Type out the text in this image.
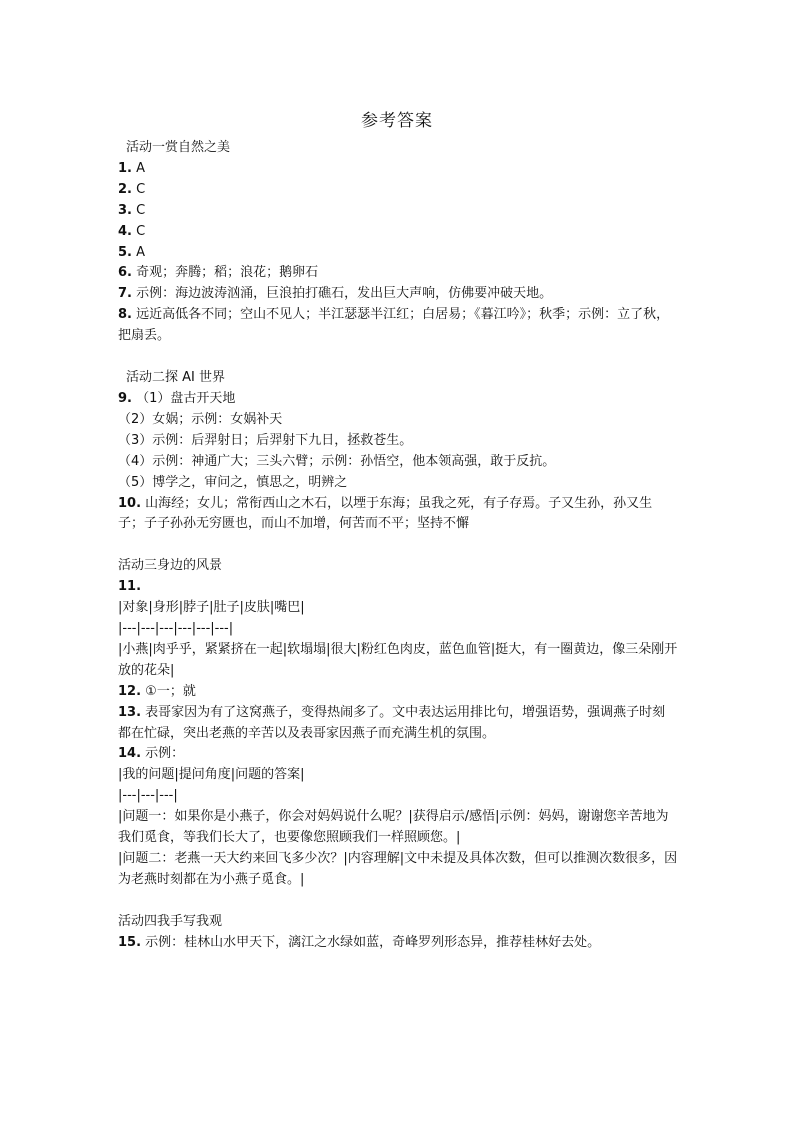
参考答案

活动一赏自然之美

1. A

2. C

3. C

4. C

5. A

6. 奇观；奔腾；稻；浪花；鹅卵石

7. 示例：海边波涛汹涌，巨浪拍打礁石，发出巨大声响，仿佛要冲破天地。

8. 远近高低各不同；空山不见人；半江瑟瑟半江红；白居易；《暮江吟》；秋季；示例：立了秋，把扇丢。

活动二探 AI 世界

9. （1）盘古开天地

（2）女娲；示例：女娲补天

（3）示例：后羿射日；后羿射下九日，拯救苍生。

（4）示例：神通广大；三头六臂；示例：孙悟空，他本领高强，敢于反抗。

（5）博学之，审问之，慎思之，明辨之

10. 山海经；女儿；常衔西山之木石，以堙于东海；虽我之死，有子存焉。子又生孙，孙又生子；子子孙孙无穷匮也，而山不加增，何苦而不平；坚持不懈

活动三身边的风景

11.

|对象|身形|脖子|肚子|皮肤|嘴巴|

|---|---|---|---|---|---|

|小燕|肉乎乎，紧紧挤在一起|软塌塌|很大|粉红色肉皮，蓝色血管|挺大，有一圈黄边，像三朵刚开放的花朵|

12. ①一；就

13. 表哥家因为有了这窝燕子，变得热闹多了。文中表达运用排比句，增强语势，强调燕子时刻都在忙碌，突出老燕的辛苦以及表哥家因燕子而充满生机的氛围。

14. 示例：

|我的问题|提问角度|问题的答案|

|---|---|---|

|问题一：如果你是小燕子，你会对妈妈说什么呢？|获得启示/感悟|示例：妈妈，谢谢您辛苦地为我们觅食，等我们长大了，也要像您照顾我们一样照顾您。|

|问题二：老燕一天大约来回飞多少次？|内容理解|文中未提及具体次数，但可以推测次数很多，因为老燕时刻都在为小燕子觅食。|

活动四我手写我观

15. 示例：桂林山水甲天下，漓江之水绿如蓝，奇峰罗列形态异，推荐桂林好去处。
